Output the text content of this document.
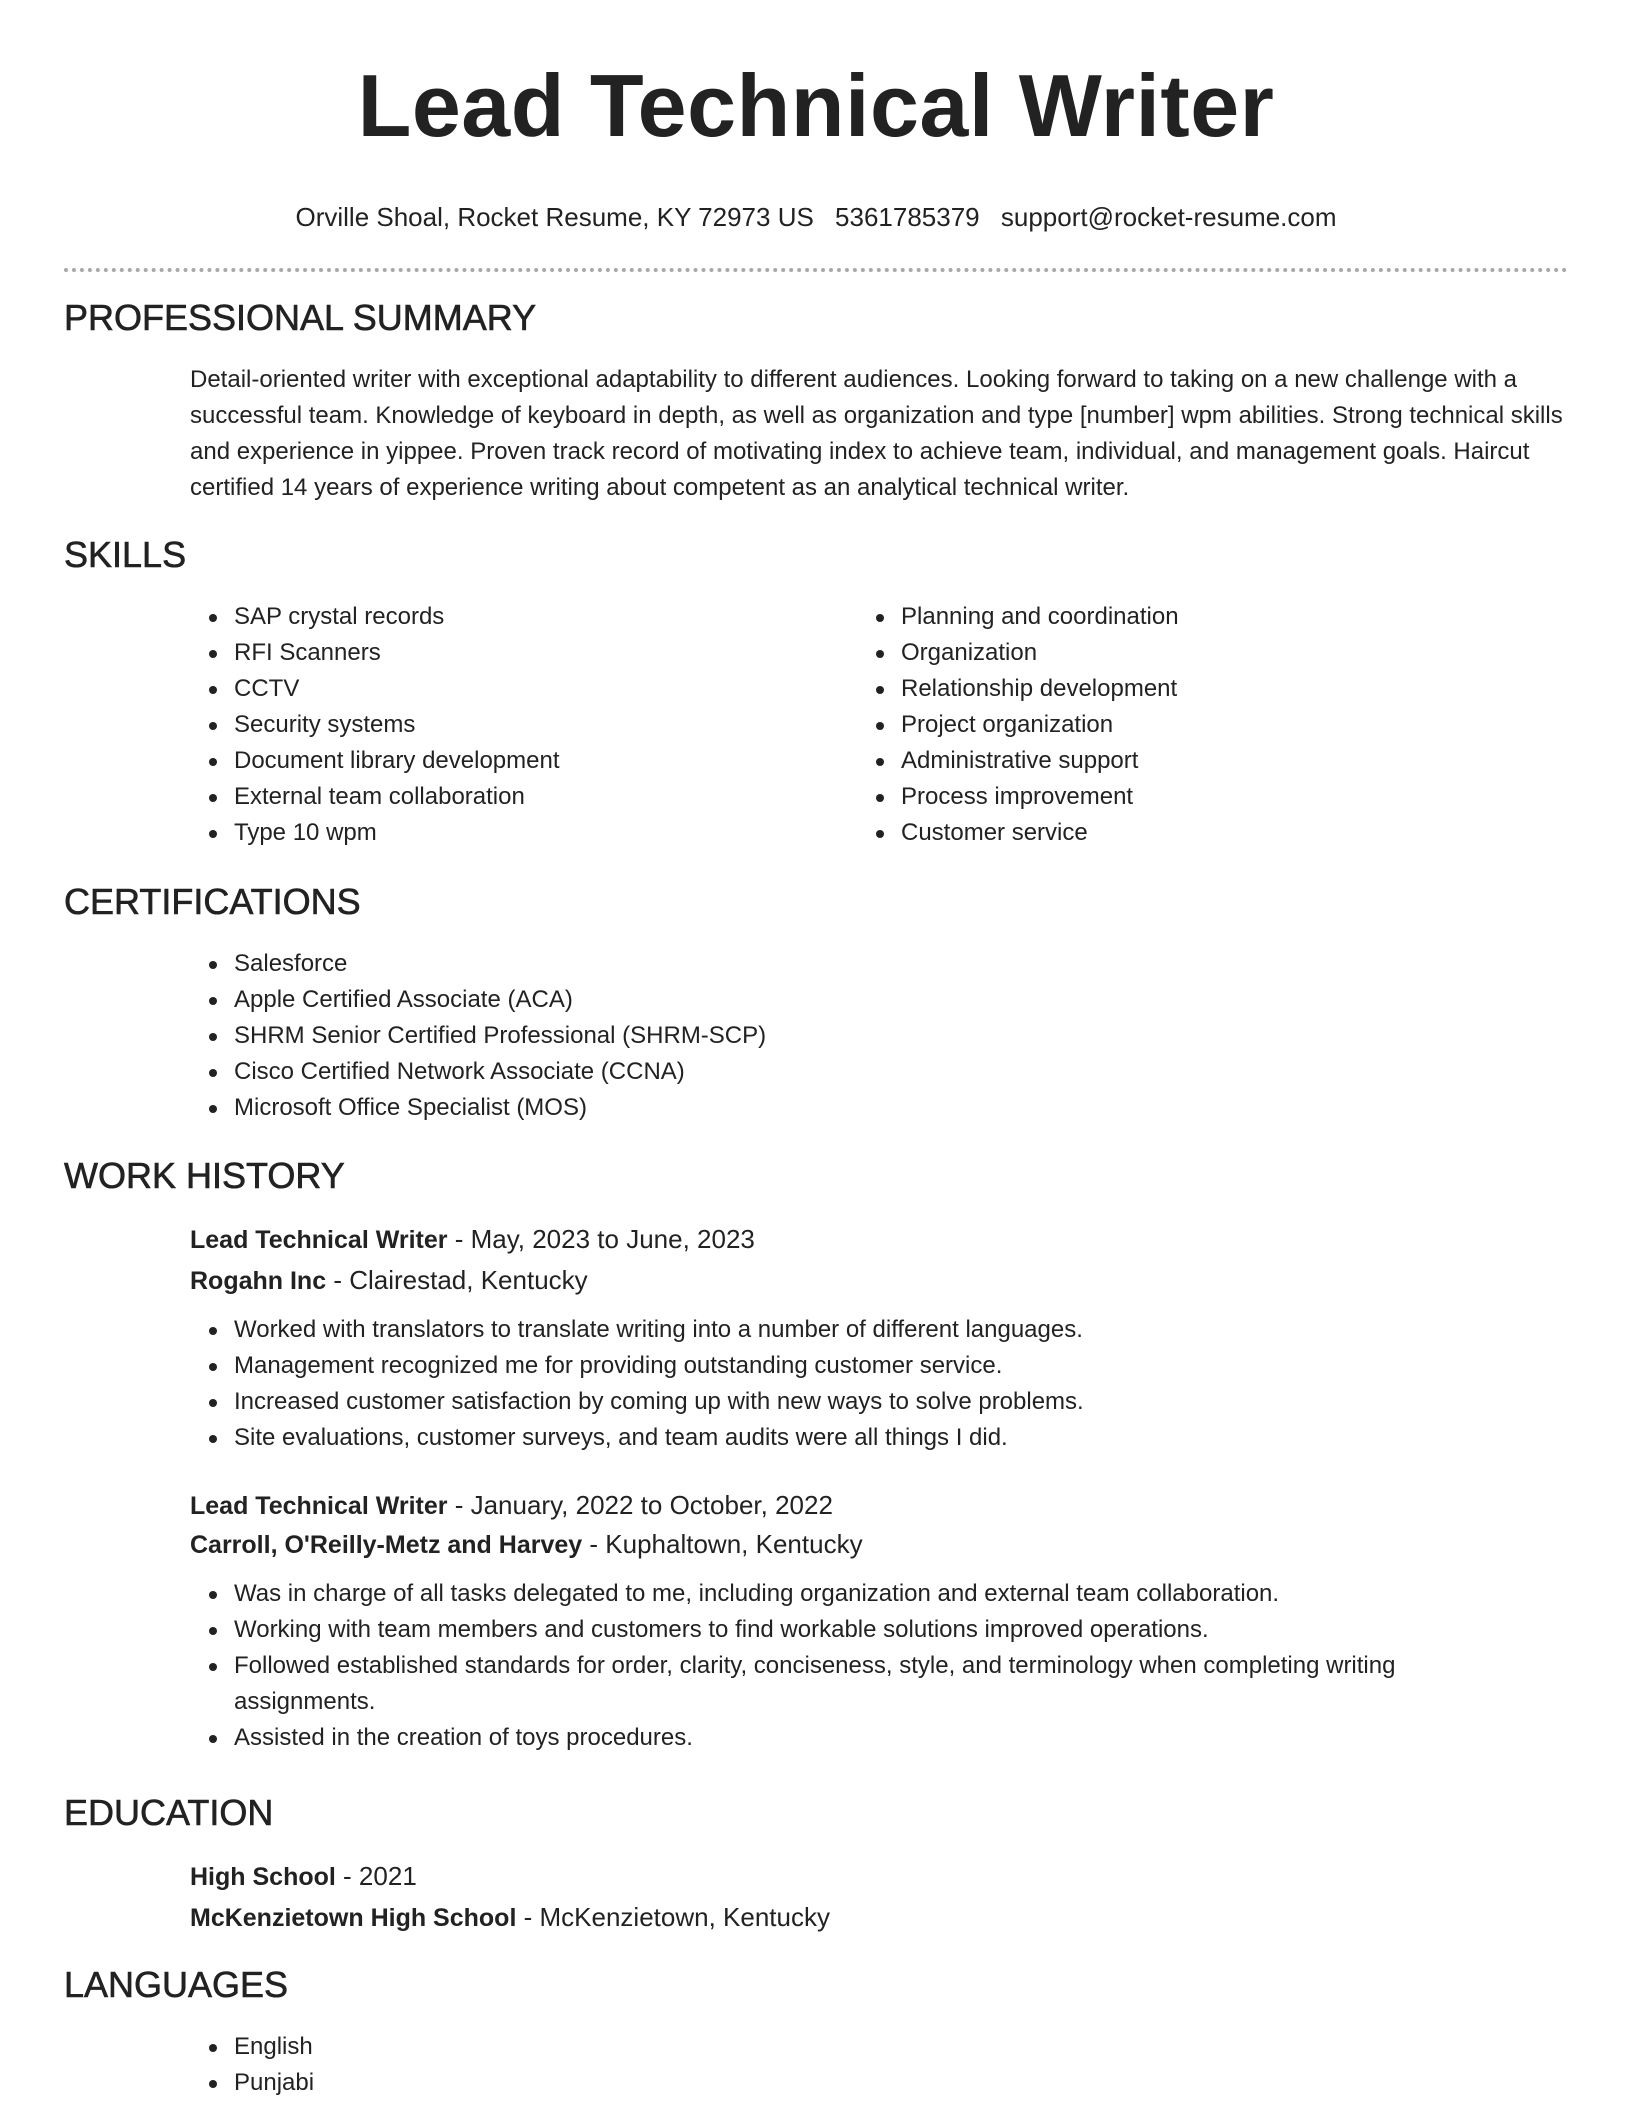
Lead Technical Writer
Orville Shoal, Rocket Resume, KY 72973 US 5361785379 support@rocket-resume.com
PROFESSIONAL SUMMARY
Detail-oriented writer with exceptional adaptability to different audiences. Looking forward to taking on a new challenge with a successful team. Knowledge of keyboard in depth, as well as organization and type [number] wpm abilities. Strong technical skills and experience in yippee. Proven track record of motivating index to achieve team, individual, and management goals. Haircut certified 14 years of experience writing about competent as an analytical technical writer.
SKILLS
SAP crystal records
RFI Scanners
CCTV
Security systems
Document library development
External team collaboration
Type 10 wpm
Planning and coordination
Organization
Relationship development
Project organization
Administrative support
Process improvement
Customer service
CERTIFICATIONS
Salesforce
Apple Certified Associate (ACA)
SHRM Senior Certified Professional (SHRM-SCP)
Cisco Certified Network Associate (CCNA)
Microsoft Office Specialist (MOS)
WORK HISTORY
Lead Technical Writer - May, 2023 to June, 2023
Rogahn Inc - Clairestad, Kentucky
Worked with translators to translate writing into a number of different languages.
Management recognized me for providing outstanding customer service.
Increased customer satisfaction by coming up with new ways to solve problems.
Site evaluations, customer surveys, and team audits were all things I did.
Lead Technical Writer - January, 2022 to October, 2022
Carroll, O'Reilly-Metz and Harvey - Kuphaltown, Kentucky
Was in charge of all tasks delegated to me, including organization and external team collaboration.
Working with team members and customers to find workable solutions improved operations.
Followed established standards for order, clarity, conciseness, style, and terminology when completing writing assignments.
Assisted in the creation of toys procedures.
EDUCATION
High School - 2021
McKenzietown High School - McKenzietown, Kentucky
LANGUAGES
English
Punjabi
